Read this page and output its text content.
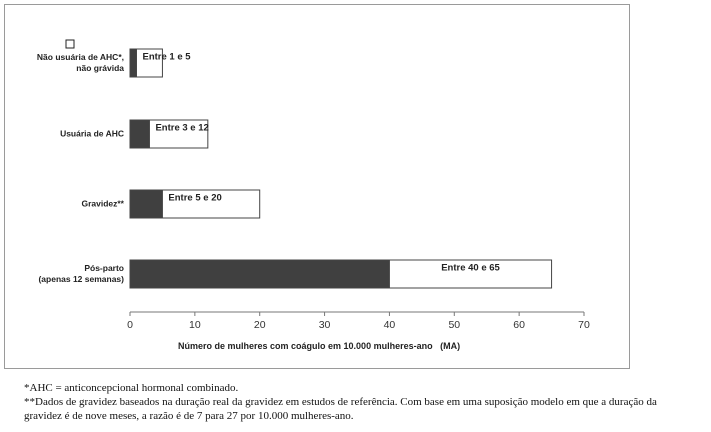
Entre 1 e 5
Não usuária de AHC*,
não grávida
Entre 3 e 12
Usuária de AHC
Entre 5 e 20
Gravidez**
Entre 40 e 65
Pós-parto
(apenas 12 semanas)
0	10	20	30	40	50	60	70
Número de mulheres com coágulo em 10.000 mulheres-ano   (MA)
*AHC = anticoncepcional hormonal combinado.
**Dados de gravidez baseados na duração real da gravidez em estudos de referência. Com base em uma suposição modelo em que a duração da gravidez é de nove meses, a razão é de 7 para 27 por 10.000 mulheres-ano.
